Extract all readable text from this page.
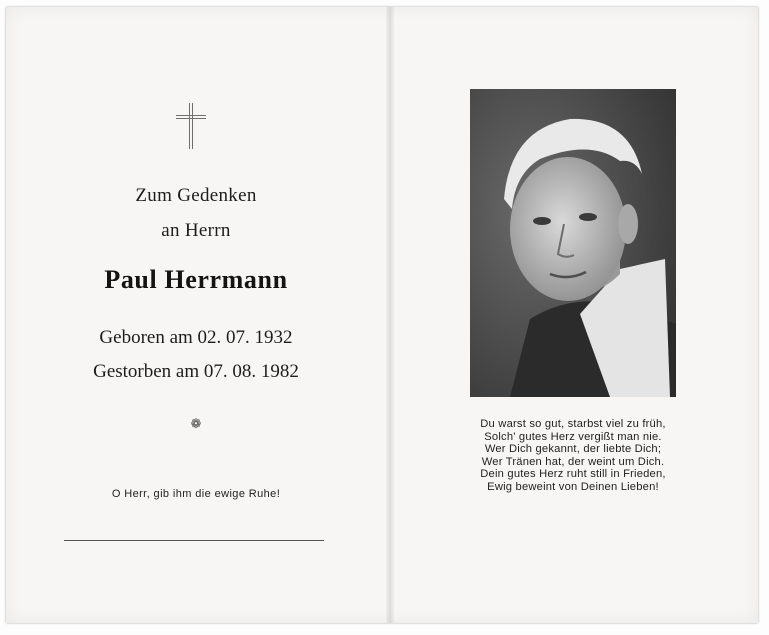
Zum Gedenken
an Herrn
Paul Herrmann
Geboren am 02. 07. 1932
Gestorben am 07. 08. 1982
❁
O Herr, gib ihm die ewige Ruhe!
Du warst so gut, starbst viel zu früh,
Solch' gutes Herz vergißt man nie.
Wer Dich gekannt, der liebte Dich;
Wer Tränen hat, der weint um Dich.
Dein gutes Herz ruht still in Frieden,
Ewig beweint von Deinen Lieben!
